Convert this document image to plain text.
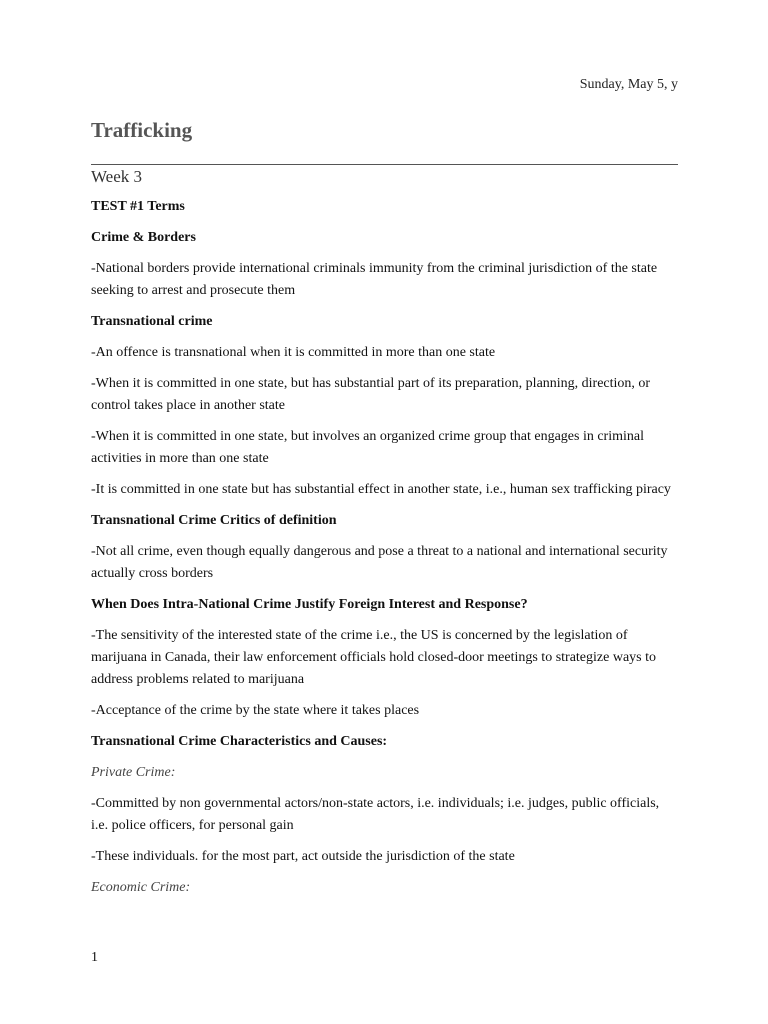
Sunday, May 5, y
Trafficking
Week 3
TEST #1 Terms
Crime & Borders

-National borders provide international criminals immunity from the criminal jurisdiction of the state seeking to arrest and prosecute them

Transnational crime

-An offence is transnational when it is committed in more than one state

-When it is committed in one state, but has substantial part of its preparation, planning, direction, or control takes place in another state

-When it is committed in one state, but involves an organized crime group that engages in criminal activities in more than one state

-It is committed in one state but has substantial effect in another state, i.e., human sex trafficking piracy

Transnational Crime Critics of definition

-Not all crime, even though equally dangerous and pose a threat to a national and international security actually cross borders

When Does Intra-National Crime Justify Foreign Interest and Response?

-The sensitivity of the interested state of the crime i.e., the US is concerned by the legislation of marijuana in Canada, their law enforcement officials hold closed-door meetings to strategize ways to address problems related to marijuana

-Acceptance of the crime by the state where it takes places

Transnational Crime Characteristics and Causes:
Private Crime:

-Committed by non governmental actors/non-state actors, i.e. individuals; i.e. judges, public officials, i.e. police officers, for personal gain

-These individuals. for the most part, act outside the jurisdiction of the state

Economic Crime:
1
